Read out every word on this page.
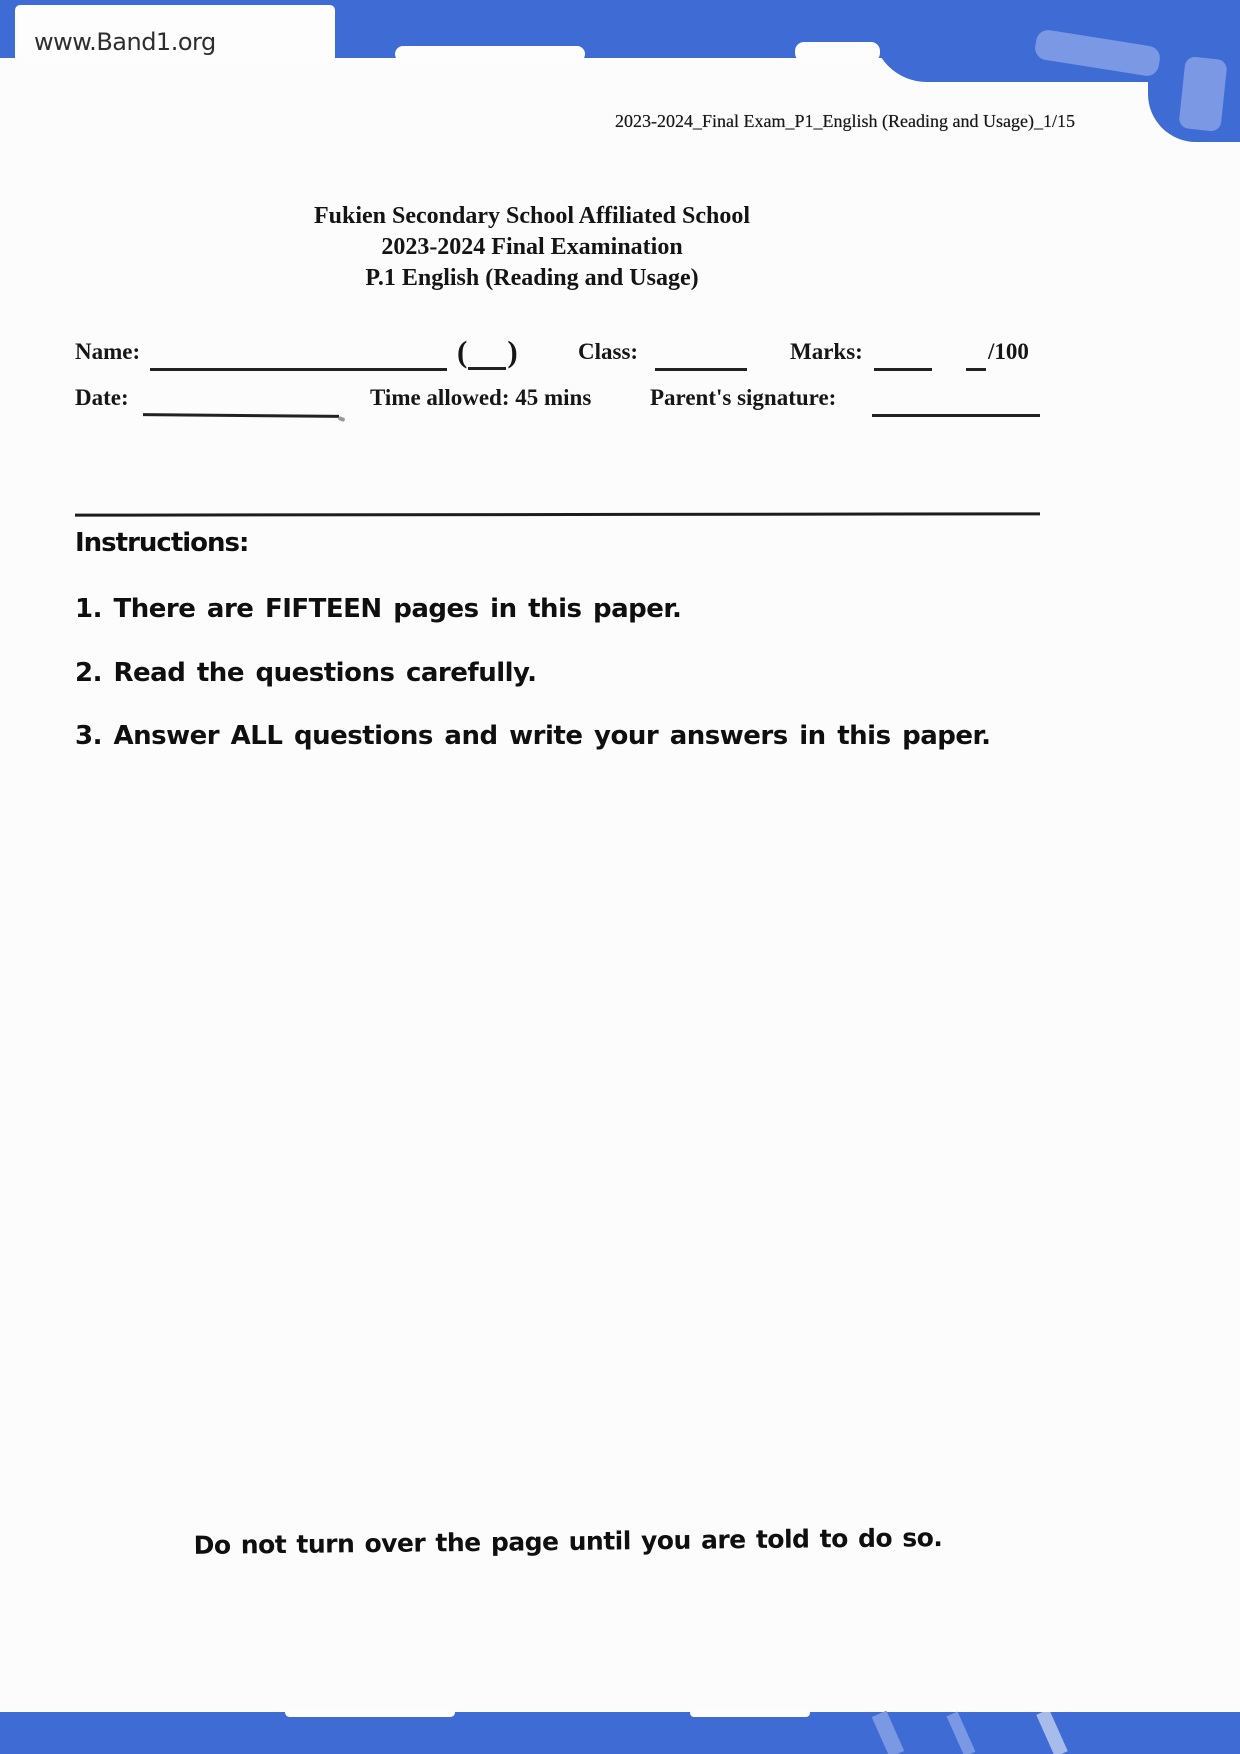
www.Band1.org
2023-2024_Final Exam_P1_English (Reading and Usage)_1/15
Fukien Secondary School Affiliated School
2023-2024 Final Examination
P.1 English (Reading and Usage)
Name:	( )	Class:	Marks:	/100
Date:	Time allowed: 45 mins	Parent's signature:
Instructions:
1. There are FIFTEEN pages in this paper.
2. Read the questions carefully.
3. Answer ALL questions and write your answers in this paper.
Do not turn over the page until you are told to do so.
